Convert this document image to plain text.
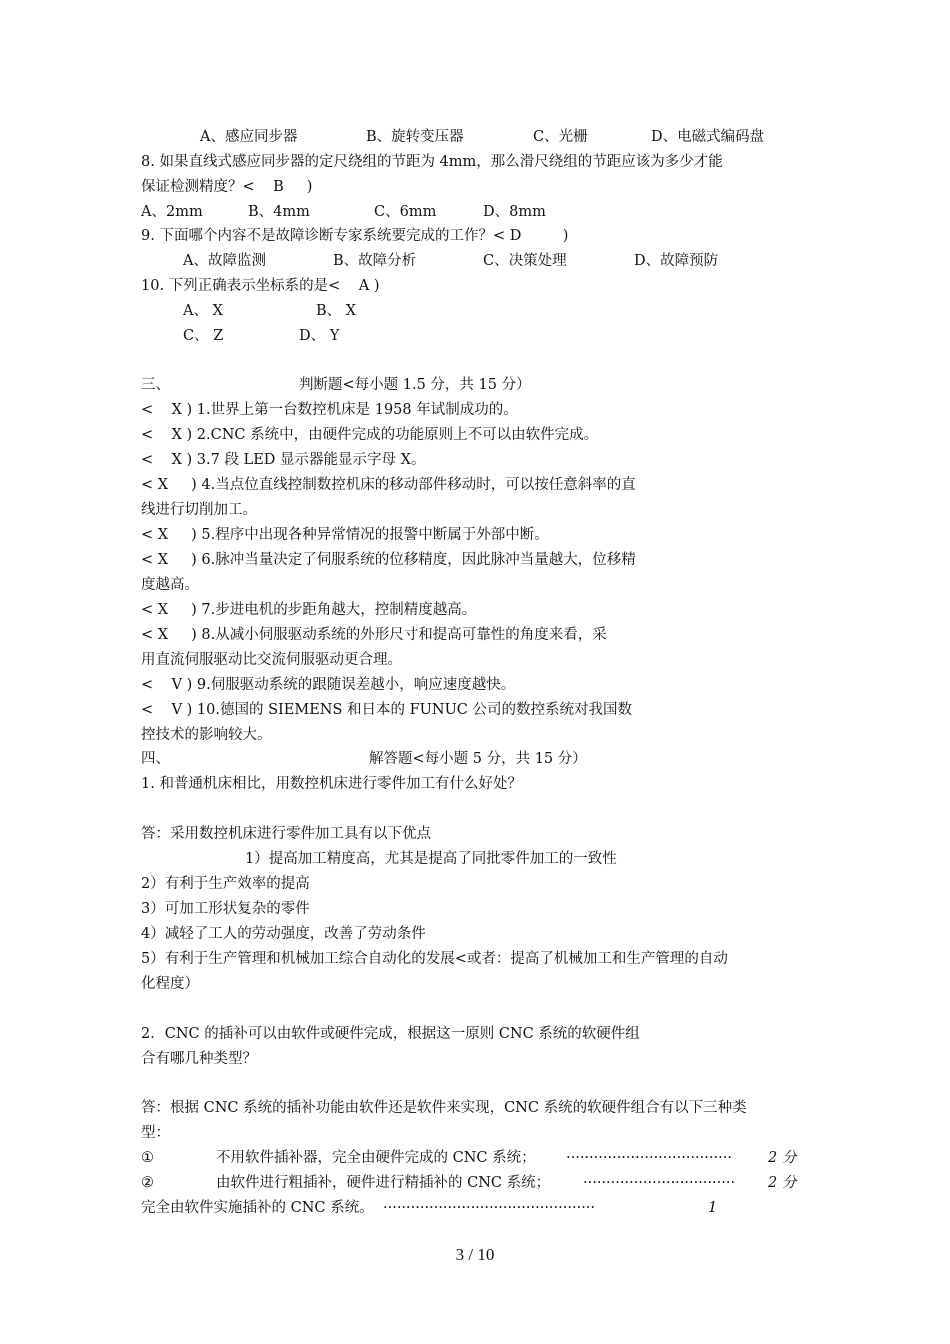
A、感应同步器	B、旋转变压器	C、光栅	D、电磁式编码盘
8. 如果直线式感应同步器的定尺绕组的节距为 4mm，那么滑尺绕组的节距应该为多少才能
保证检测精度？<    B     )
A、2mm	B、4mm	C、6mm	D、8mm
9. 下面哪个内容不是故障诊断专家系统要完成的工作？< D         )
A、故障监测	B、故障分析	C、决策处理	D、故障预防
10. 下列正确表示坐标系的是<    A )
A、 X	B、 X
C、 Z	D、 Y
三、	判断题<每小题 1.5 分，共 15 分）
<    X ) 1.世界上第一台数控机床是 1958 年试制成功的。
<    X ) 2.CNC 系统中，由硬件完成的功能原则上不可以由软件完成。
<    X ) 3.7 段 LED 显示器能显示字母 X。
< X     ) 4.当点位直线控制数控机床的移动部件移动时，可以按任意斜率的直
线进行切削加工。
< X     ) 5.程序中出现各种异常情况的报警中断属于外部中断。
< X     ) 6.脉冲当量决定了伺服系统的位移精度，因此脉冲当量越大，位移精
度越高。
< X     ) 7.步进电机的步距角越大，控制精度越高。
< X     ) 8.从减小伺服驱动系统的外形尺寸和提高可靠性的角度来看，采
用直流伺服驱动比交流伺服驱动更合理。
<    V ) 9.伺服驱动系统的跟随误差越小，响应速度越快。
<    V ) 10.德国的 SIEMENS 和日本的 FUNUC 公司的数控系统对我国数
控技术的影响较大。
四、	解答题<每小题 5 分，共 15 分）
1. 和普通机床相比，用数控机床进行零件加工有什么好处？
答：采用数控机床进行零件加工具有以下优点
1）提高加工精度高，尤其是提高了同批零件加工的一致性
2）有利于生产效率的提高
3）可加工形状复杂的零件
4）减轻了工人的劳动强度，改善了劳动条件
5）有利于生产管理和机械加工综合自动化的发展<或者：提高了机械加工和生产管理的自动
化程度）
2．CNC 的插补可以由软件或硬件完成，根据这一原则 CNC 系统的软硬件组
合有哪几种类型？
答：根据 CNC 系统的插补功能由软件还是软件来实现，CNC 系统的软硬件组合有以下三种类
型：
①	不用软件插补器，完全由硬件完成的 CNC 系统； ···································· 2 分
②	由软件进行粗插补，硬件进行精插补的 CNC 系统； ································· 2 分
完全由软件实施插补的 CNC 系统。 ··············································	1
3 / 10
